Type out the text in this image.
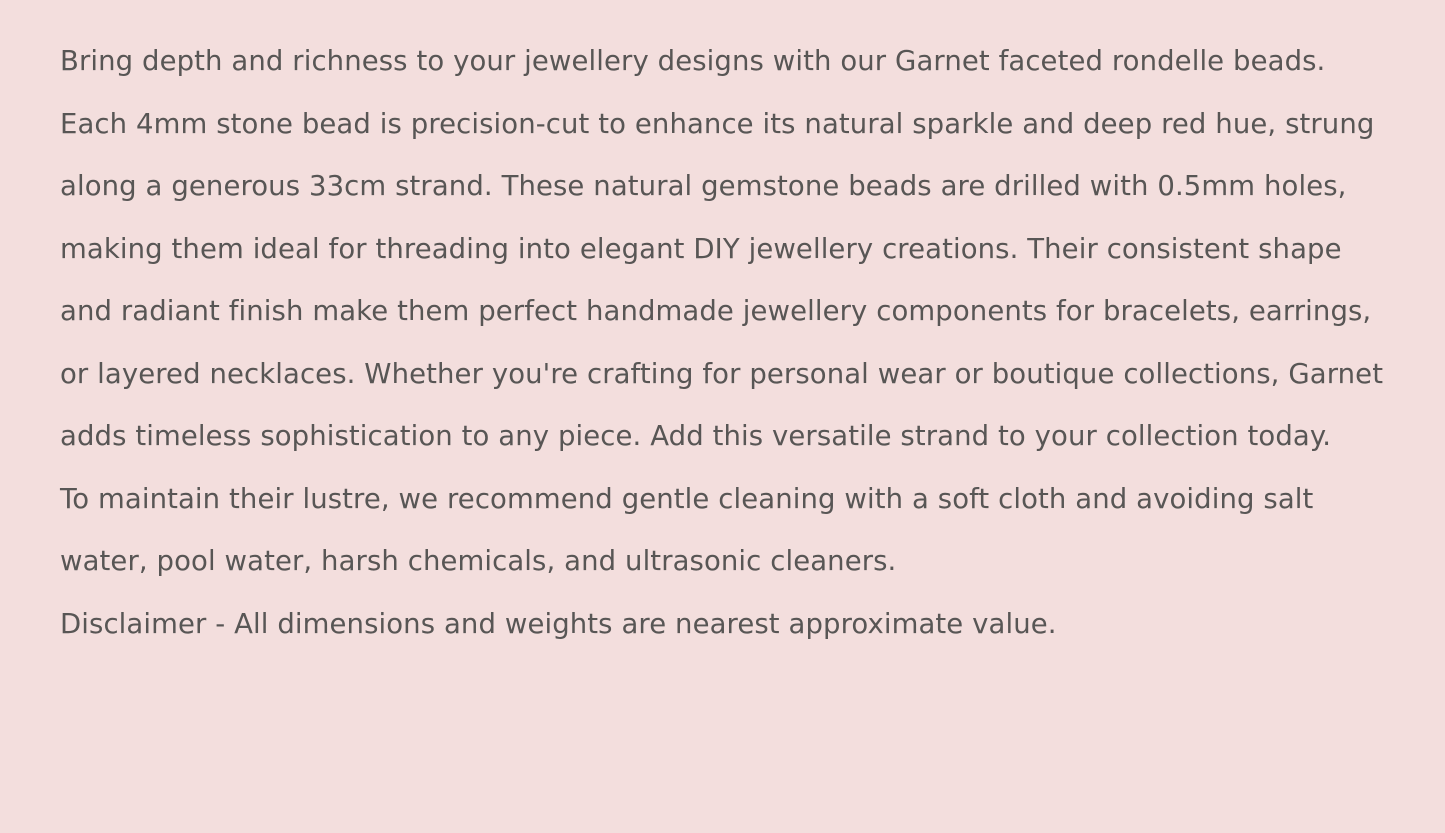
Bring depth and richness to your jewellery designs with our Garnet faceted rondelle beads. Each 4mm stone bead is precision-cut to enhance its natural sparkle and deep red hue, strung along a generous 33cm strand. These natural gemstone beads are drilled with 0.5mm holes, making them ideal for threading into elegant DIY jewellery creations. Their consistent shape and radiant finish make them perfect handmade jewellery components for bracelets, earrings, or layered necklaces. Whether you're crafting for personal wear or boutique collections, Garnet adds timeless sophistication to any piece. Add this versatile strand to your collection today.

To maintain their lustre, we recommend gentle cleaning with a soft cloth and avoiding salt water, pool water, harsh chemicals, and ultrasonic cleaners.

Disclaimer - All dimensions and weights are nearest approximate value.
